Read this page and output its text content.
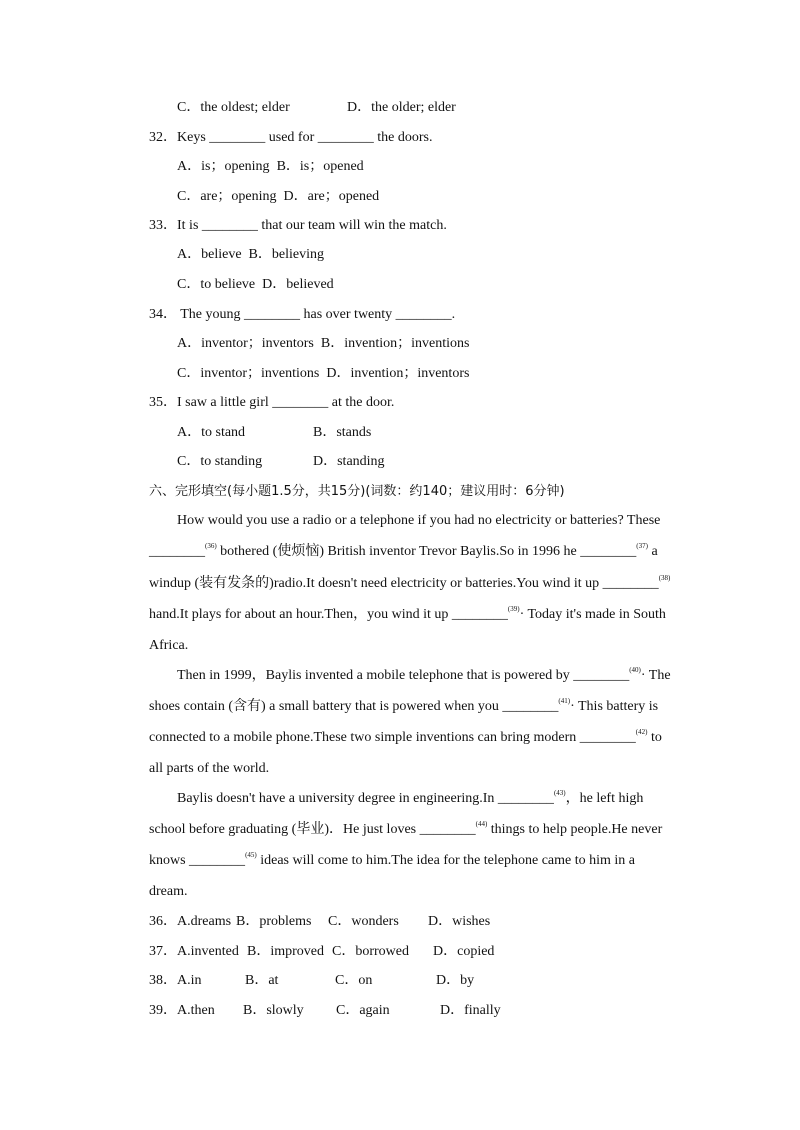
C．the oldest; elder	D．the older; elder
32．Keys ________ used for ________ the doors.
A．is；opening B．is；opened
C．are；opening D．are；opened
33．It is ________ that our team will win the match.
A．believe B．believing
C．to believe D．believed
34． The young ________ has over twenty ________.
A．inventor；inventors B．invention；inventions
C．inventor；inventions D．invention；inventors
35．I saw a little girl ________ at the door.
A．to stand	B．stands
C．to standing	D．standing
六、完形填空(每小题1.5分，共15分)(词数：约140；建议用时：6分钟)
How would you use a radio or a telephone if you had no electricity or batteries? These
________$^{(36)}$ bothered (使烦恼) British inventor Trevor Baylis.So in 1996 he ________$^{(37)}$ a
windup (装有发条的)radio.It doesn't need electricity or batteries.You wind it up ________$^{(38)}$
hand.It plays for about an hour.Then，you wind it up ________$^{(39)}$· Today it's made in South
Africa.
Then in 1999，Baylis invented a mobile telephone that is powered by ________$^{(40)}$· The
shoes contain (含有) a small battery that is powered when you ________$^{(41)}$· This battery is
connected to a mobile phone.These two simple inventions can bring modern ________$^{(42)}$ to
all parts of the world.
Baylis doesn't have a university degree in engineering.In ________$^{(43)}$，he left high
school before graduating (毕业)．He just loves ________$^{(44)}$ things to help people.He never
knows ________$^{(45)}$ ideas will come to him.The idea for the telephone came to him in a
dream.
36．A.dreams B．problems C．wonders D．wishes
37．A.invented B．improved C．borrowed D．copied
38．A.in	B．at	C．on	D．by
39．A.then B．slowly C．again	D．finally
